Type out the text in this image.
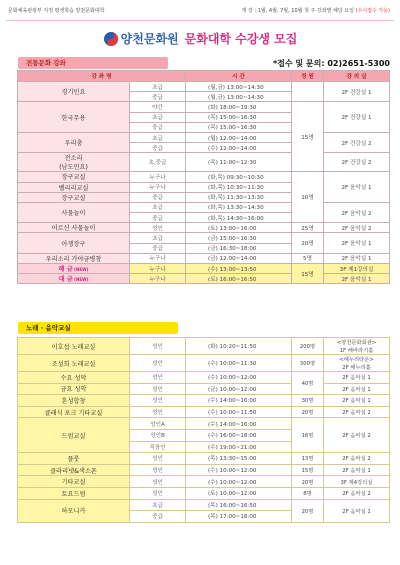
문화체육관광부 지정 평생학습 양천문화대학	개 강 : 1월, 4월, 7월, 10월 첫 주 강좌별 해당 요일 (수시접수 가능)
양천문화원 문화대학 수강생 모집
전통문화 강좌	*접수 및 문의: 02)2651-5300
강 좌 명		시 간	정 원	강 의 실
경기민요	초급	(월,금) 13:00~14:30		2F 건강실 1
	중급	(월,금) 13:00~14:30		
한국무용	야간	(화) 18:00~19:30	15명	2F 건강실 1
	초급	(목) 15:00~16:30		
	중급	(목) 15:00~16:30		
우리춤	초급	(월) 12:00~14:00		2F 건강실 2
	중급	(수) 12:00~14:00		
전소리
(남도민요)	초,중급	(목) 11:00~12:30		2F 건강실 2
장구교실	누구나	(화,목) 09:30~10:30	10명	2F 음악실 1
벨리리교실	누구나	(화,목) 10:30~11:30		
장구교실	중급	(화,목) 11:30~13:30		
사물놀이	초급	(화,목) 13:30~14:30		2F 음악실 2
	중급	(화,목) 14:30~16:00		
어르신 사물놀이	성인	(토) 13:00~16:00	25명	2F 음악실 2
아쟁장구	초급	(금) 15:00~16:30	20명	2F 음악실 1
	중급	(금) 16:30~18:00		
우리소리 가야금병창	누구나	(금) 12:00~14:00	5명	2F 음악실 1
해 금 (NEW)	누구나	(수) 13:00~13:50	15명	3F 제1강의실
대 금 (NEW)	누구나	(토) 16:00~16:50		2F 음악실 1
노래 · 음악교실
이호섭 노래교실	성인	(화) 10:20~11:50	200명	<양천문화회관>
1F 해바라기홀
조성희 노래교실	성인	(수) 10:00~11:30	300명	<해누리타운>
2F 해누리홀
수요 성악	성인	(수) 10:00~12:00	40명	2F 음악실 1
금요 성악	성인	(금) 10:00~12:00		2F 음악실 1
혼성합창	성인	(수) 14:00~16:00	30명	2F 음악실 1
클래식 포크 기타교실	성인	(수) 10:00~11:50	20명	2F 음악실 2
드럼교실	성인A	(수) 14:00~16:00	16명	2F 음악실 2
	성인B	(수) 16:00~18:00		
	직장인	(수) 19:00~21:00		
플룻	성인	(목) 13:30~15:00	13명	2F 음악실 2
클라리넷&색소폰	성인	(수) 10:00~12:00	15명	2F 음악실 1
기타교실	성인	(수) 10:00~12:00	20명	3F 제4강의실
토요드럼	성인	(토) 10:00~12:00	8명	2F 음악실 2
하모니카	초급	(목) 16:00~16:50	20명	2F 음악실 1
	중급	(목) 17:00~18:00		
